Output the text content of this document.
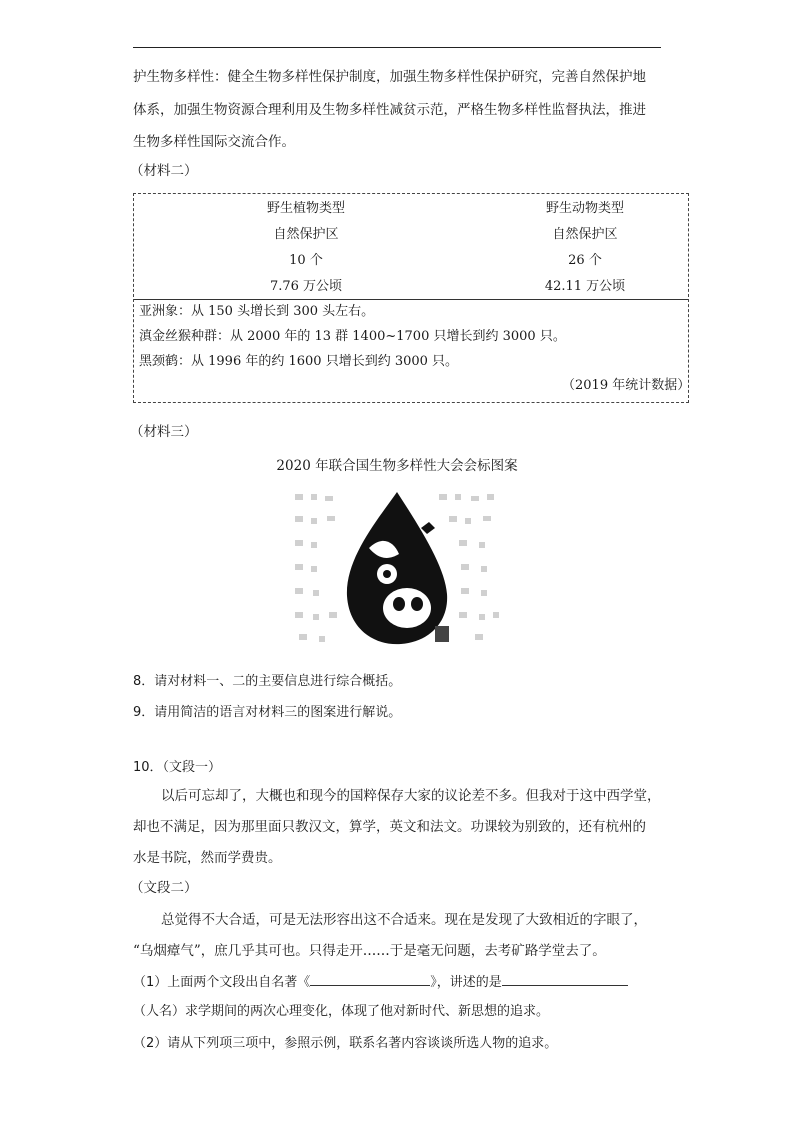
护生物多样性：健全生物多样性保护制度，加强生物多样性保护研究，完善自然保护地
体系，加强生物资源合理利用及生物多样性减贫示范，严格生物多样性监督执法，推进
生物多样性国际交流合作。
（材料二）
野生植物类型
自然保护区
10 个
7.76 万公顷
野生动物类型
自然保护区
26 个
42.11 万公顷
亚洲象：从 150 头增长到 300 头左右。
滇金丝猴种群：从 2000 年的 13 群 1400~1700 只增长到约 3000 只。
黑颈鹤：从 1996 年的约 1600 只增长到约 3000 只。
（2019 年统计数据）
（材料三）
2020 年联合国生物多样性大会会标图案
8．请对材料一、二的主要信息进行综合概括。
9．请用简洁的语言对材料三的图案进行解说。
10．（文段一）
以后可忘却了，大概也和现今的国粹保存大家的议论差不多。但我对于这中西学堂，
却也不满足，因为那里面只教汉文，算学，英文和法文。功课较为别致的，还有杭州的
水是书院，然而学费贵。
（文段二）
总觉得不大合适，可是无法形容出这不合适来。现在是发现了大致相近的字眼了，
“乌烟瘴气”，庶几乎其可也。只得走开……于是毫无问题，去考矿路学堂去了。
（1）上面两个文段出自名著《	》，讲述的是
（人名）求学期间的两次心理变化，体现了他对新时代、新思想的追求。
（2）请从下列项三项中，参照示例，联系名著内容谈谈所选人物的追求。
